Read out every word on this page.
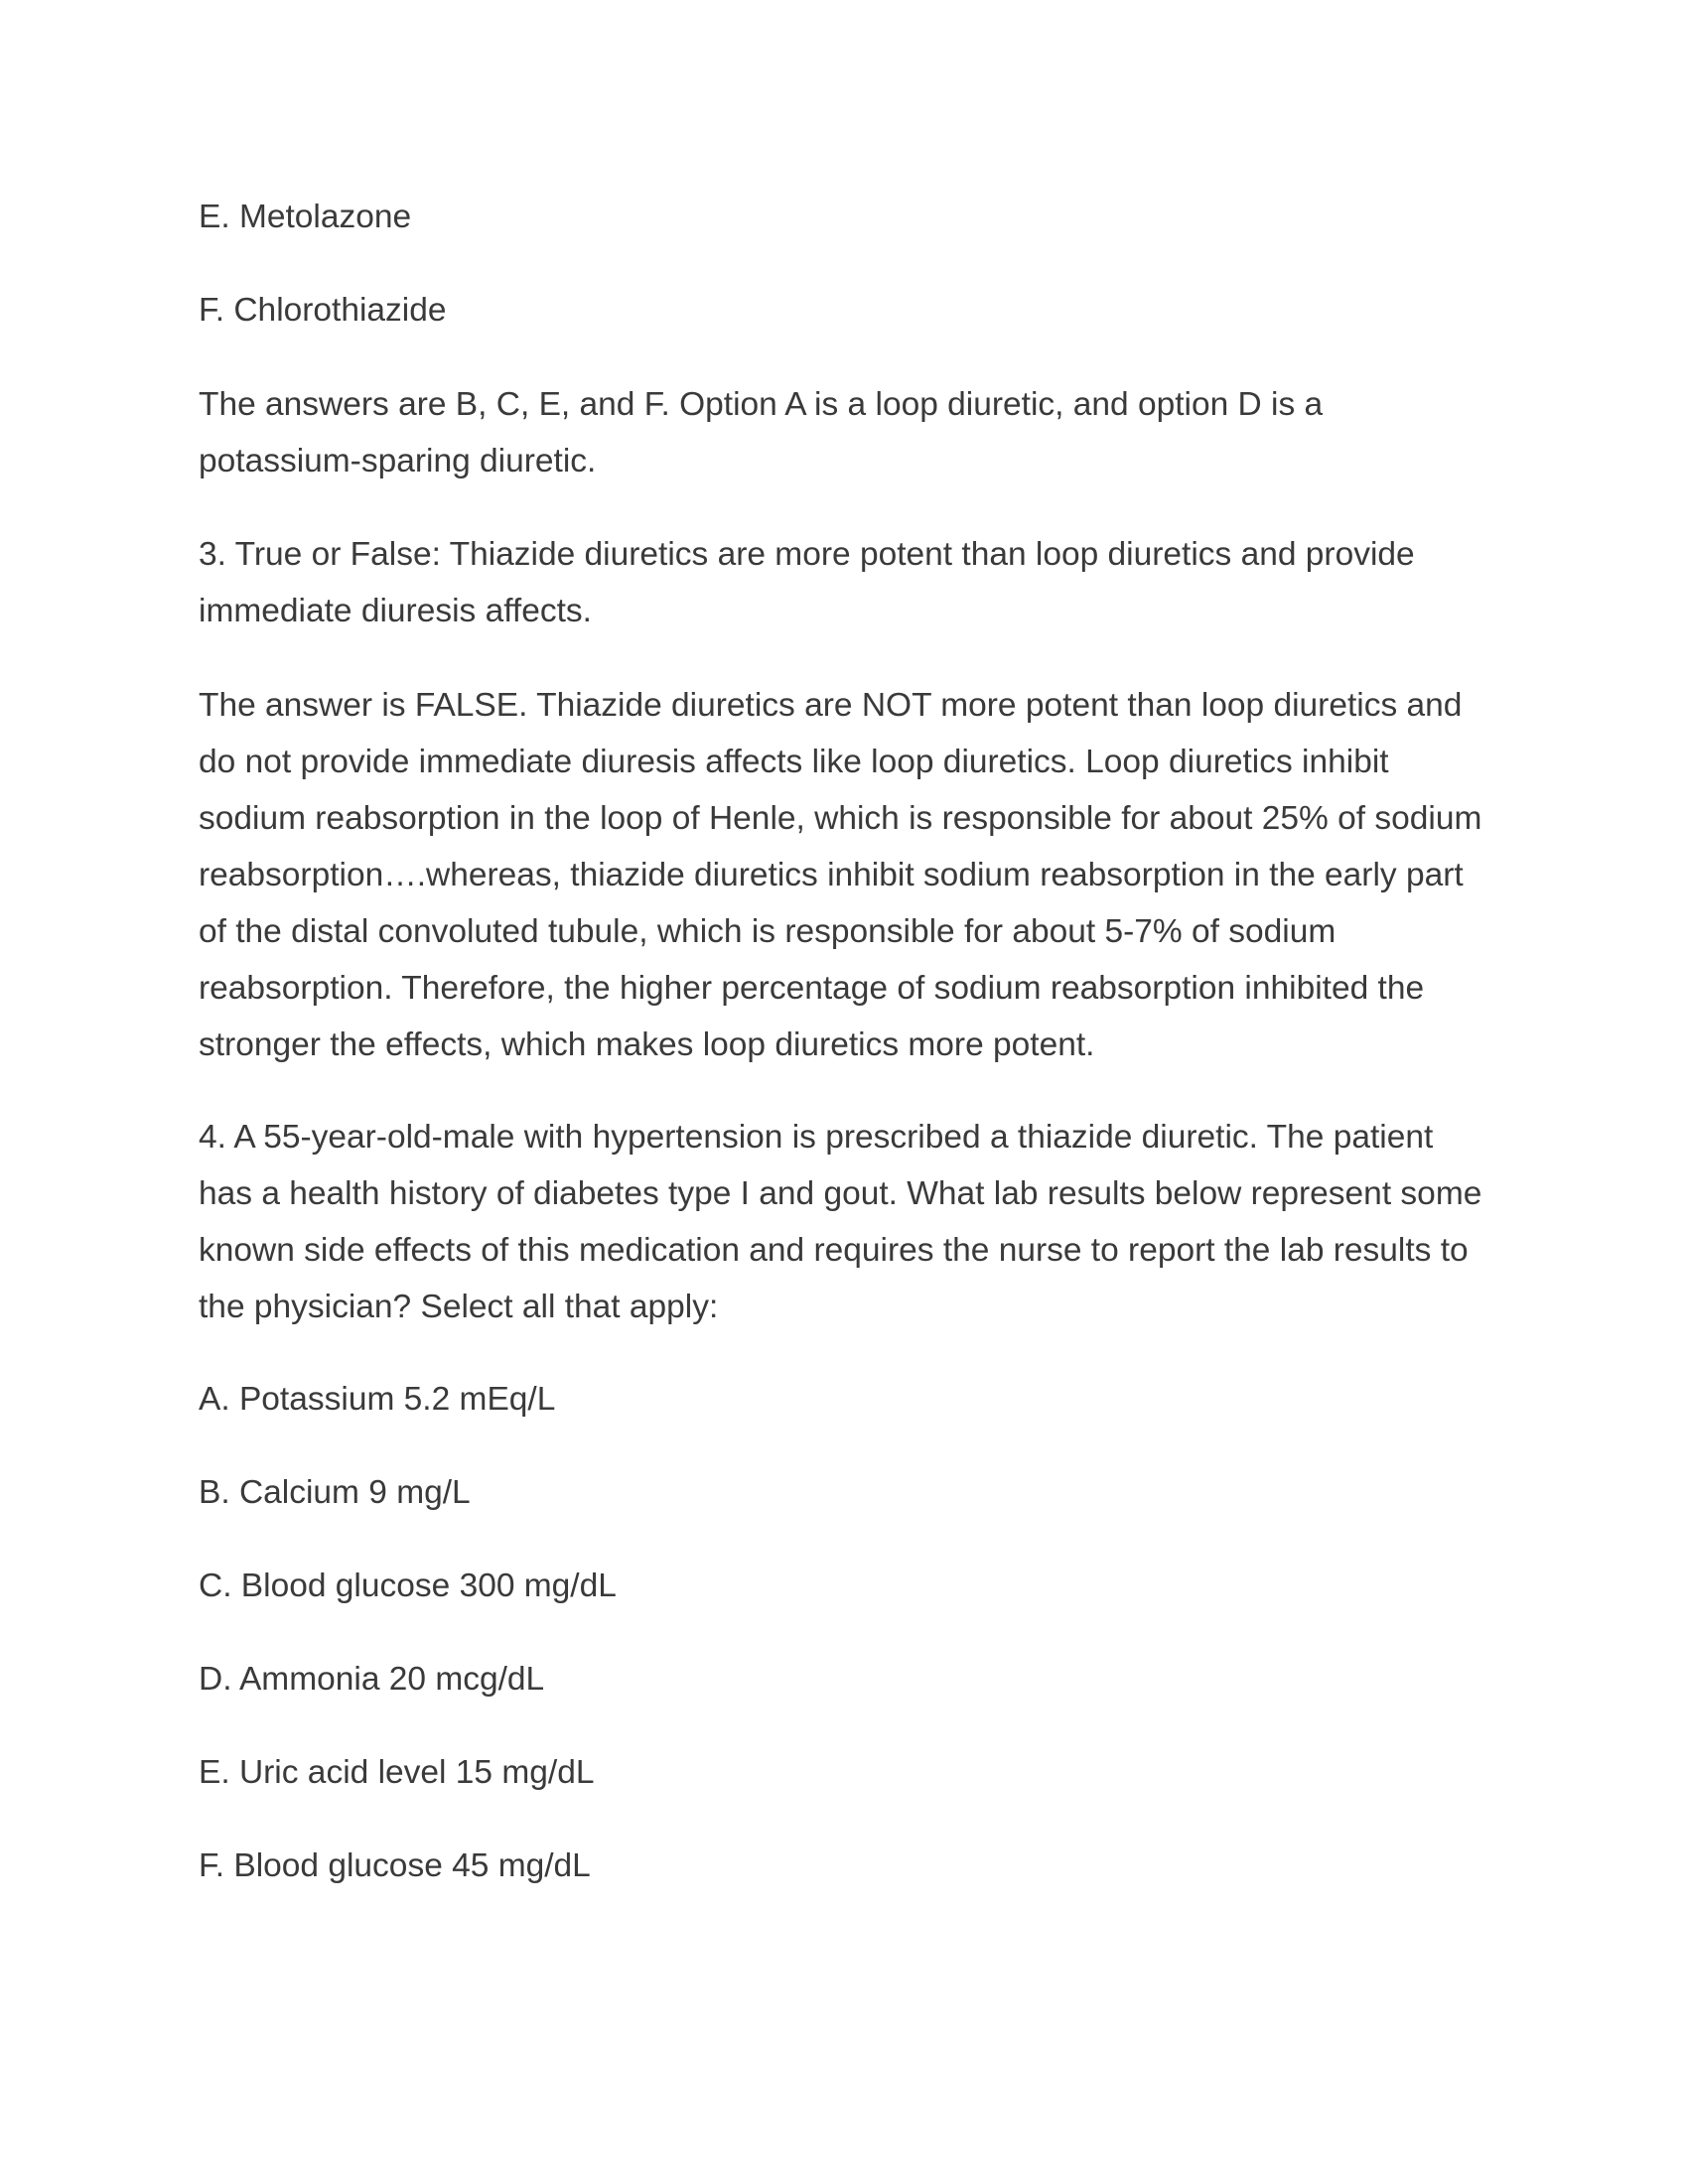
E. Metolazone

F. Chlorothiazide

The answers are B, C, E, and F. Option A is a loop diuretic, and option D is a

potassium-sparing diuretic.

3. True or False: Thiazide diuretics are more potent than loop diuretics and provide

immediate diuresis affects.

The answer is FALSE. Thiazide diuretics are NOT more potent than loop diuretics and

do not provide immediate diuresis affects like loop diuretics. Loop diuretics inhibit

sodium reabsorption in the loop of Henle, which is responsible for about 25% of sodium

reabsorption….whereas, thiazide diuretics inhibit sodium reabsorption in the early part

of the distal convoluted tubule, which is responsible for about 5-7% of sodium

reabsorption. Therefore, the higher percentage of sodium reabsorption inhibited the

stronger the effects, which makes loop diuretics more potent.

4. A 55-year-old-male with hypertension is prescribed a thiazide diuretic. The patient

has a health history of diabetes type I and gout. What lab results below represent some

known side effects of this medication and requires the nurse to report the lab results to

the physician? Select all that apply:

A. Potassium 5.2 mEq/L

B. Calcium 9 mg/L

C. Blood glucose 300 mg/dL

D. Ammonia 20 mcg/dL

E. Uric acid level 15 mg/dL

F. Blood glucose 45 mg/dL
